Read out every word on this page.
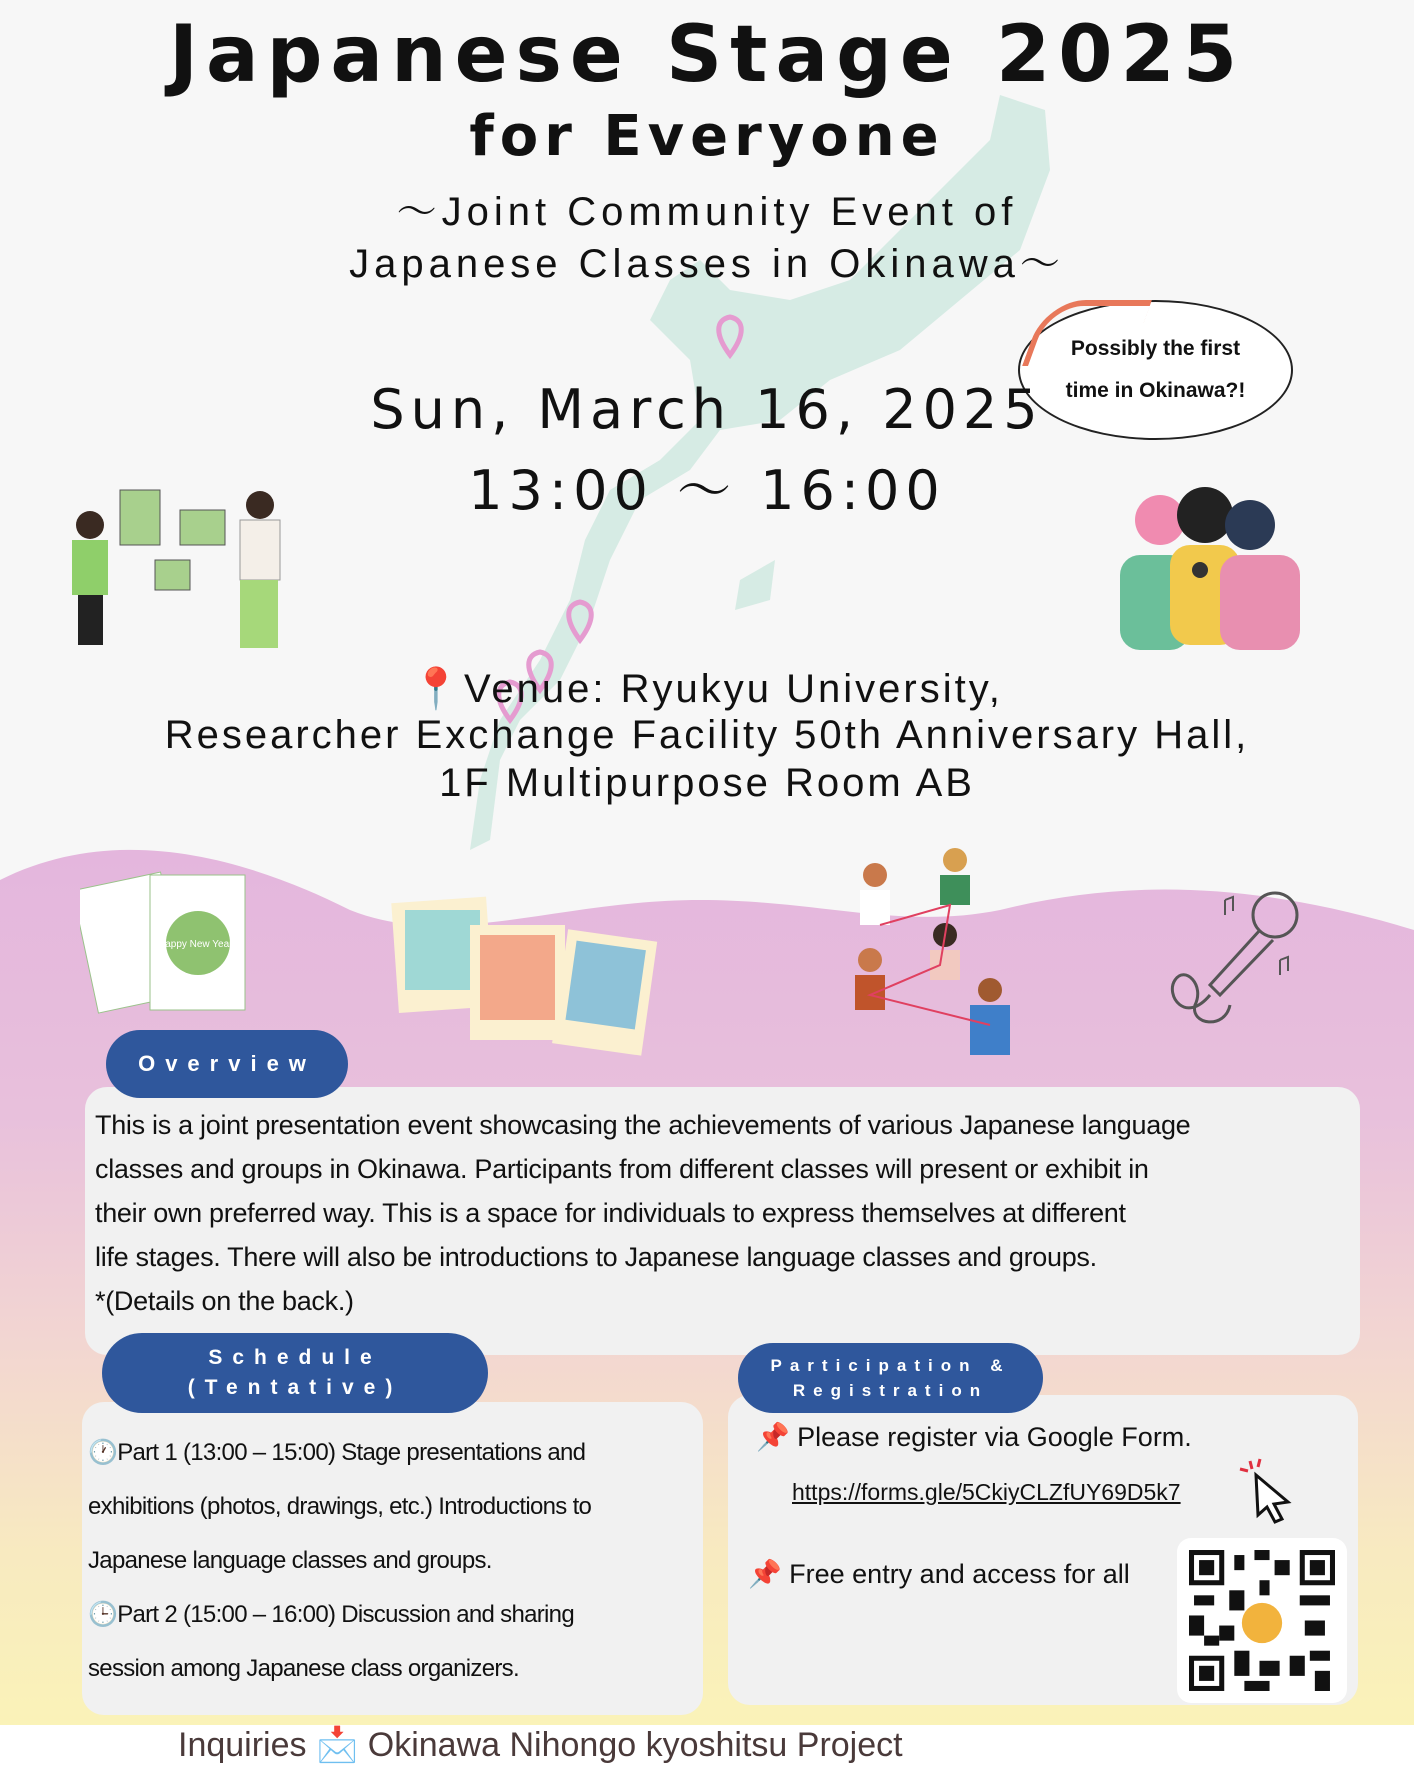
Japanese Stage 2025
for Everyone
～Joint Community Event of
Japanese Classes in Okinawa～
Possibly the first
time in Okinawa?!
Sun, March 16, 2025
13:00 ～ 16:00
📍Venue: Ryukyu University,
Researcher Exchange Facility 50th Anniversary Hall,
1F Multipurpose Room AB
Happy New Year!!
Overview
This is a joint presentation event showcasing the achievements of various Japanese language
classes and groups in Okinawa. Participants from different classes will present or exhibit in
their own preferred way. This is a space for individuals to express themselves at different
life stages. There will also be introductions to Japanese language classes and groups.
*(Details on the back.)
Schedule
(Tentative)
🕐Part 1 (13:00 – 15:00) Stage presentations and
exhibitions (photos, drawings, etc.) Introductions to
Japanese language classes and groups.
🕒Part 2 (15:00 – 16:00) Discussion and sharing
session among Japanese class organizers.
Participation &
Registration
📌 Please register via Google Form.
https://forms.gle/5CkiyCLZfUY69D5k7
📌 Free entry and access for all
Inquiries 📩 Okinawa Nihongo kyoshitsu Project
